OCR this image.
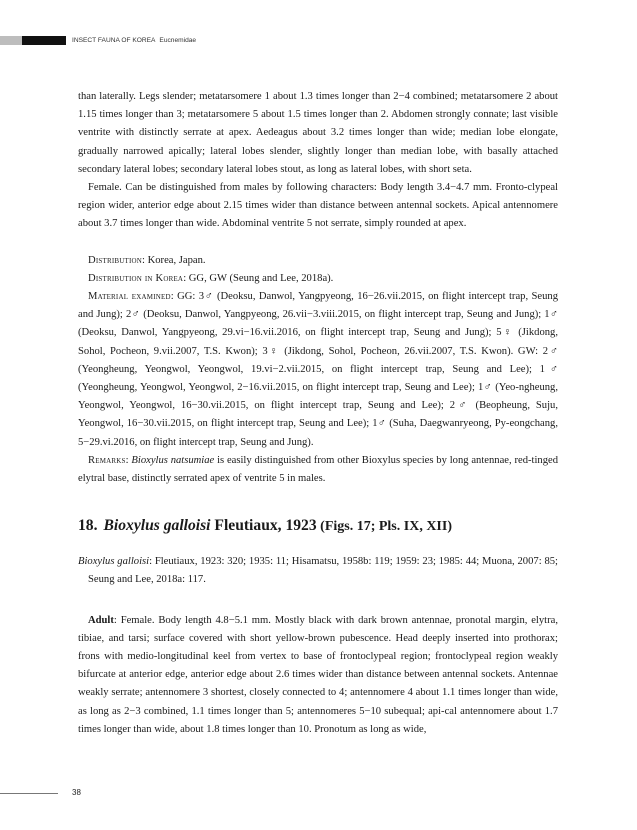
INSECT FAUNA OF KOREA Eucnemidae

than laterally. Legs slender; metatarsomere 1 about 1.3 times longer than 2−4 combined; metatarsomere 2 about 1.15 times longer than 3; metatarsomere 5 about 1.5 times longer than 2. Abdomen strongly connate; last visible ventrite with distinctly serrate at apex. Aedeagus about 3.2 times longer than wide; median lobe elongate, gradually narrowed apically; lateral lobes slender, slightly longer than median lobe, with basally attached secondary lateral lobes; secondary lateral lobes stout, as long as lateral lobes, with short seta.

Female. Can be distinguished from males by following characters: Body length 3.4−4.7 mm. Fronto-clypeal region wider, anterior edge about 2.15 times wider than distance between antennal sockets. Apical antennomere about 3.7 times longer than wide. Abdominal ventrite 5 not serrate, simply rounded at apex.

Distribution: Korea, Japan.

Distribution in Korea: GG, GW (Seung and Lee, 2018a).

Material examined: GG: 3♂ (Deoksu, Danwol, Yangpyeong, 16−26.vii.2015, on flight intercept trap, Seung and Jung); 2♂ (Deoksu, Danwol, Yangpyeong, 26.vii−3.viii.2015, on flight intercept trap, Seung and Jung); 1♂ (Deoksu, Danwol, Yangpyeong, 29.vi−16.vii.2016, on flight intercept trap, Seung and Jung); 5♀ (Jikdong, Sohol, Pocheon, 9.vii.2007, T.S. Kwon); 3♀ (Jikdong, Sohol, Pocheon, 26.vii.2007, T.S. Kwon). GW: 2♂ (Yeongheung, Yeongwol, Yeongwol, 19.vi−2.vii.2015, on flight intercept trap, Seung and Lee); 1♂ (Yeongheung, Yeongwol, Yeongwol, 2−16.vii.2015, on flight intercept trap, Seung and Lee); 1♂ (Yeo-ngheung, Yeongwol, Yeongwol, 16−30.vii.2015, on flight intercept trap, Seung and Lee); 2♂ (Beopheung, Suju, Yeongwol, 16−30.vii.2015, on flight intercept trap, Seung and Lee); 1♂ (Suha, Daegwanryeong, Py-eongchang, 5−29.vi.2016, on flight intercept trap, Seung and Jung).

Remarks: Bioxylus natsumiae is easily distinguished from other Bioxylus species by long antennae, red-tinged elytral base, distinctly serrated apex of ventrite 5 in males.

18. Bioxylus galloisi Fleutiaux, 1923 (Figs. 17; Pls. IX, XII)

Bioxylus galloisi: Fleutiaux, 1923: 320; 1935: 11; Hisamatsu, 1958b: 119; 1959: 23; 1985: 44; Muona, 2007: 85; Seung and Lee, 2018a: 117.

Adult: Female. Body length 4.8−5.1 mm. Mostly black with dark brown antennae, pronotal margin, elytra, tibiae, and tarsi; surface covered with short yellow-brown pubescence. Head deeply inserted into prothorax; frons with medio-longitudinal keel from vertex to base of frontoclypeal region; frontoclypeal region weakly bifurcate at anterior edge, anterior edge about 2.6 times wider than distance between antennal sockets. Antennae weakly serrate; antennomere 3 shortest, closely connected to 4; antennomere 4 about 1.1 times longer than wide, as long as 2−3 combined, 1.1 times longer than 5; antennomeres 5−10 subequal; api-cal antennomere about 1.7 times longer than wide, about 1.8 times longer than 10. Pronotum as long as wide,

38
